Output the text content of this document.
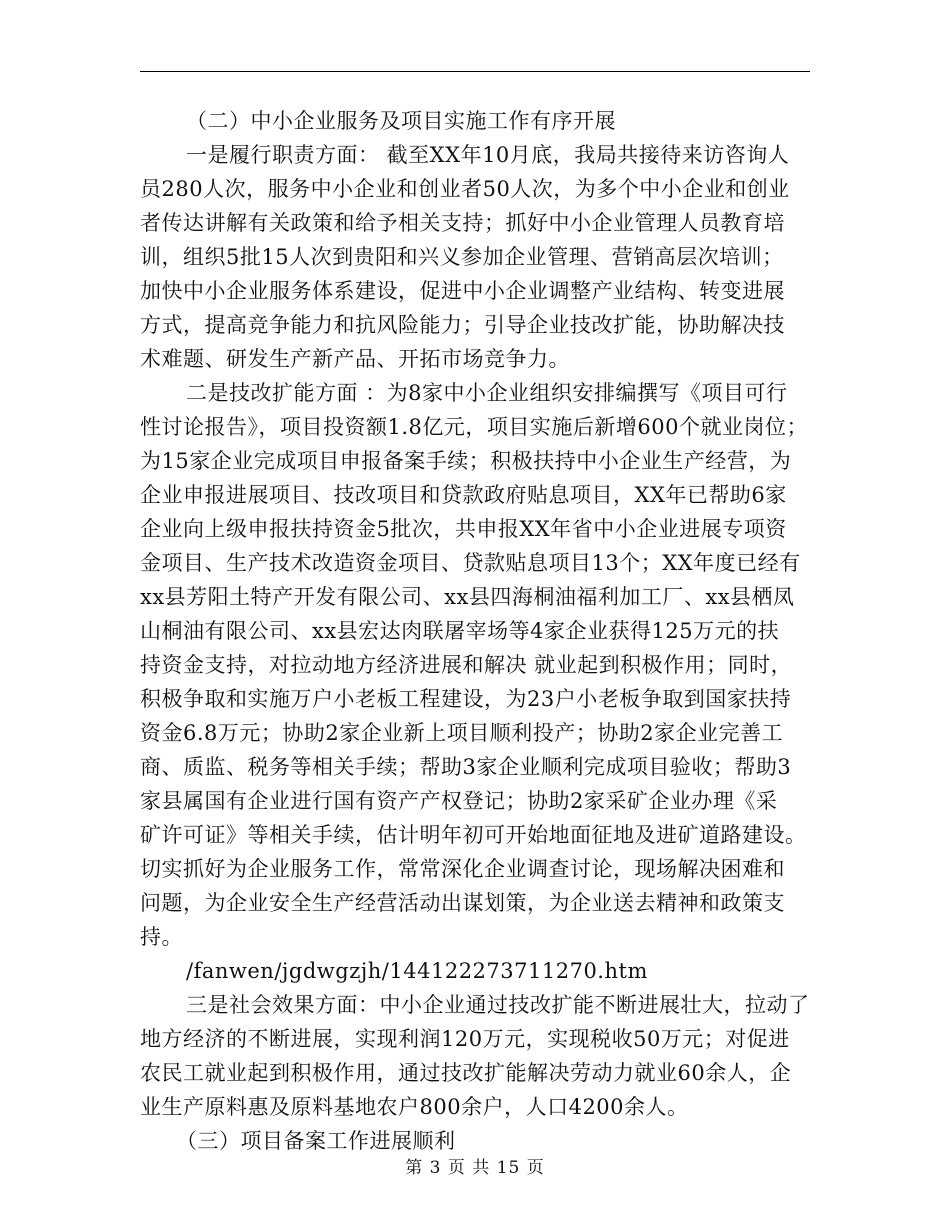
（二）中小企业服务及项目实施工作有序开展
一是履行职责方面： 截至XX年10月底，我局共接待来访咨询人
员280人次，服务中小企业和创业者50人次，为多个中小企业和创业
者传达讲解有关政策和给予相关支持；抓好中小企业管理人员教育培
训，组织5批15人次到贵阳和兴义参加企业管理、营销高层次培训；
加快中小企业服务体系建设，促进中小企业调整产业结构、转变进展
方式，提高竞争能力和抗风险能力；引导企业技改扩能，协助解决技
术难题、研发生产新产品、开拓市场竞争力。
二是技改扩能方面 ：为8家中小企业组织安排编撰写《项目可行
性讨论报告》，项目投资额1.8亿元，项目实施后新增600个就业岗位；
为15家企业完成项目申报备案手续；积极扶持中小企业生产经营，为
企业申报进展项目、技改项目和贷款政府贴息项目，XX年已帮助6家
企业向上级申报扶持资金5批次，共申报XX年省中小企业进展专项资
金项目、生产技术改造资金项目、贷款贴息项目13个；XX年度已经有
xx县芳阳土特产开发有限公司、xx县四海桐油福利加工厂、xx县栖凤
山桐油有限公司、xx县宏达肉联屠宰场等4家企业获得125万元的扶
持资金支持，对拉动地方经济进展和解决 就业起到积极作用；同时，
积极争取和实施万户小老板工程建设，为23户小老板争取到国家扶持
资金6.8万元；协助2家企业新上项目顺利投产；协助2家企业完善工
商、质监、税务等相关手续；帮助3家企业顺利完成项目验收；帮助3
家县属国有企业进行国有资产产权登记；协助2家采矿企业办理《采
矿许可证》等相关手续，估计明年初可开始地面征地及进矿道路建设。
切实抓好为企业服务工作，常常深化企业调查讨论，现场解决困难和
问题，为企业安全生产经营活动出谋划策，为企业送去精神和政策支
持。
/fanwen/jgdwgzjh/144122273711270.htm
三是社会效果方面：中小企业通过技改扩能不断进展壮大，拉动了
地方经济的不断进展，实现利润120万元，实现税收50万元；对促进
农民工就业起到积极作用，通过技改扩能解决劳动力就业60余人，企
业生产原料惠及原料基地农户800余户，人口4200余人。
（三）项目备案工作进展顺利
第 3 页 共 15 页
